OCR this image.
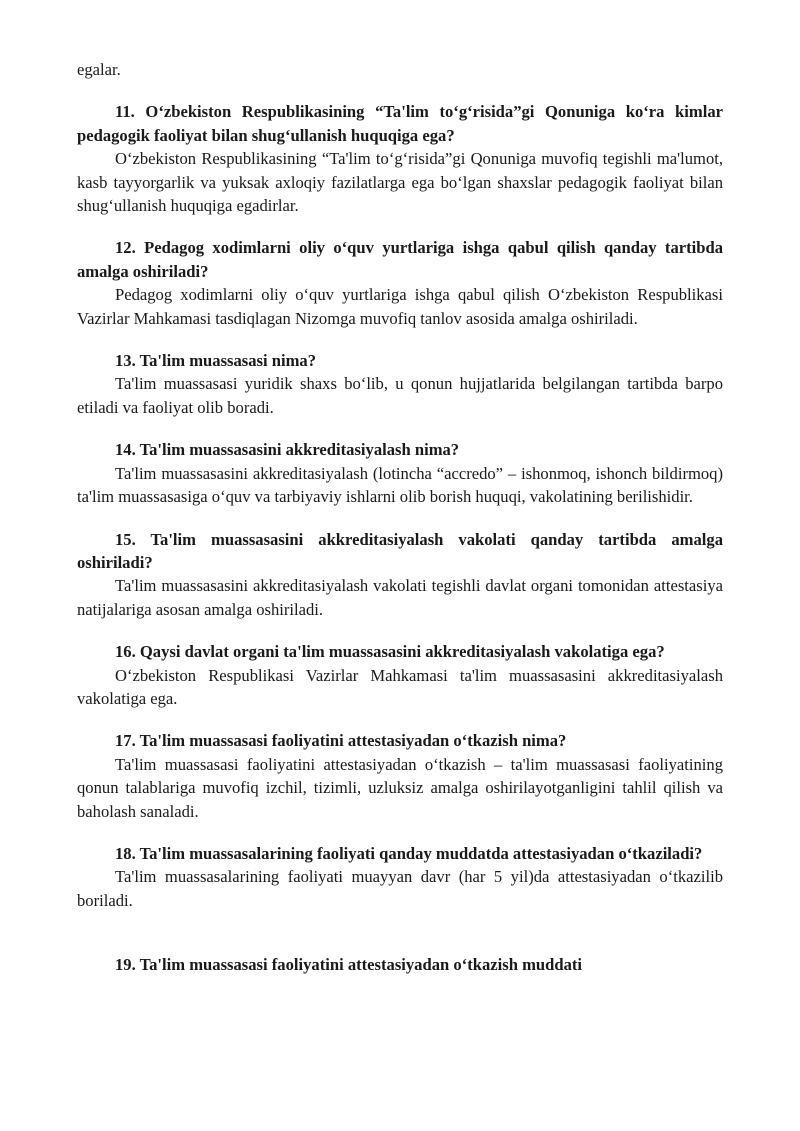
egalar.

11. O‘zbekiston Respublikasining “Ta'lim to‘g‘risida”gi Qonuniga ko‘ra kimlar pedagogik faoliyat bilan shug‘ullanish huquqiga ega?

O‘zbekiston Respublikasining “Ta'lim to‘g‘risida”gi Qonuniga muvofiq tegishli ma'lumot, kasb tayyorgarlik va yuksak axloqiy fazilatlarga ega bo‘lgan shaxslar pedagogik faoliyat bilan shug‘ullanish huquqiga egadirlar.

12. Pedagog xodimlarni oliy o‘quv yurtlariga ishga qabul qilish qanday tartibda amalga oshiriladi?

Pedagog xodimlarni oliy o‘quv yurtlariga ishga qabul qilish O‘zbekiston Respublikasi Vazirlar Mahkamasi tasdiqlagan Nizomga muvofiq tanlov asosida amalga oshiriladi.

13. Ta'lim muassasasi nima?

Ta'lim muassasasi yuridik shaxs bo‘lib, u qonun hujjatlarida belgilangan tartibda barpo etiladi va faoliyat olib boradi.

14. Ta'lim muassasasini akkreditasiyalash nima?

Ta'lim muassasasini akkreditasiyalash (lotincha “accredo” – ishonmoq, ishonch bildirmoq) ta'lim muassasasiga o‘quv va tarbiyaviy ishlarni olib borish huquqi, vakolatining berilishidir.

15. Ta'lim muassasasini akkreditasiyalash vakolati qanday tartibda amalga oshiriladi?

Ta'lim muassasasini akkreditasiyalash vakolati tegishli davlat organi tomonidan attestasiya natijalariga asosan amalga oshiriladi.

16. Qaysi davlat organi ta'lim muassasasini akkreditasiyalash vakolatiga ega?

O‘zbekiston Respublikasi Vazirlar Mahkamasi ta'lim muassasasini akkreditasiyalash vakolatiga ega.

17. Ta'lim muassasasi faoliyatini attestasiyadan o‘tkazish nima?

Ta'lim muassasasi faoliyatini attestasiyadan o‘tkazish – ta'lim muassasasi faoliyatining qonun talablariga muvofiq izchil, tizimli, uzluksiz amalga oshirilayotganligini tahlil qilish va baholash sanaladi.

18. Ta'lim muassasalarining faoliyati qanday muddatda attestasiyadan o‘tkaziladi?

Ta'lim muassasalarining faoliyati muayyan davr (har 5 yil)da attestasiyadan o‘tkazilib boriladi.

19. Ta'lim muassasasi faoliyatini attestasiyadan o‘tkazish muddati
